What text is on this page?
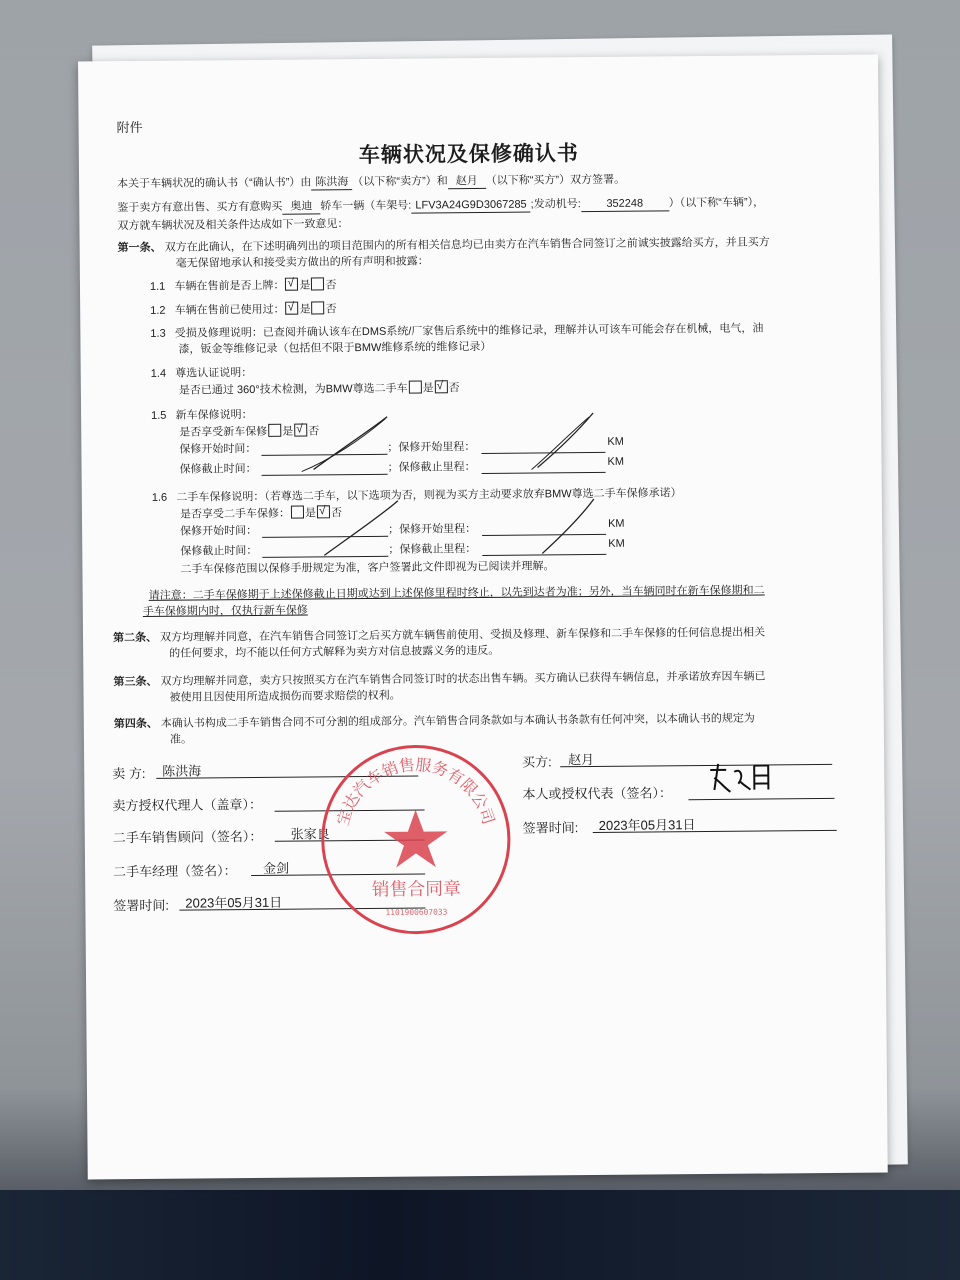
附件
车辆状况及保修确认书
本关于车辆状况的确认书（“确认书”）由 陈洪海 （以下称“卖方”）和 赵月 （以下称“买方”）双方签署。
鉴于卖方有意出售、买方有意购买 奥迪 轿车一辆（车架号: LFV3A24G9D3067285 ;发动机号: 352248 ）（以下称“车辆”），
双方就车辆状况及相关条件达成如下一致意见：
第一条、 双方在此确认，在下述明确列出的项目范围内的所有相关信息均已由卖方在汽车销售合同签订之前诚实披露给买方，并且买方
毫无保留地承认和接受卖方做出的所有声明和披露：
1.1 车辆在售前是否上牌： √ 是 否
1.2 车辆在售前已使用过： √ 是 否
1.3 受损及修理说明：已查阅并确认该车在DMS系统/厂家售后系统中的维修记录，理解并认可该车可能会存在机械，电气，油
漆，钣金等维修记录（包括但不限于BMW维修系统的维修记录）
1.4 尊选认证说明：
是否已通过 360°技术检测，为BMW尊选二手车 是 √ 否
1.5 新车保修说明：
是否享受新车保修 是 √ 否
保修开始时间：	；保修开始里程：	KM
保修截止时间：	；保修截止里程：	KM
1.6 二手车保修说明：（若尊选二手车，以下选项为否，则视为买方主动要求放弃BMW尊选二手车保修承诺）
是否享受二手车保修： 是 √ 否
保修开始时间：	；保修开始里程：	KM
保修截止时间：	；保修截止里程：	KM
二手车保修范围以保修手册规定为准，客户签署此文件即视为已阅读并理解。
请注意：二手车保修期于上述保修截止日期或达到上述保修里程时终止，以先到达者为准；另外，当车辆同时在新车保修期和二
手车保修期内时，仅执行新车保修
第二条、 双方均理解并同意，在汽车销售合同签订之后买方就车辆售前使用、受损及修理、新车保修和二手车保修的任何信息提出相关
的任何要求，均不能以任何方式解释为卖方对信息披露义务的违反。
第三条、 双方均理解并同意，卖方只按照买方在汽车销售合同签订时的状态出售车辆。买方确认已获得车辆信息，并承诺放弃因车辆已
被使用且因使用所造成损伤而要求赔偿的权利。
第四条、 本确认书构成二手车销售合同不可分割的组成部分。汽车销售合同条款如与本确认书条款有任何冲突，以本确认书的规定为
准。
卖 方: 陈洪海
卖方授权代理人（盖章）：
二手车销售顾问（签名）： 张家良
二手车经理（签名）： 金剑
签署时间: 2023年05月31日
买方: 赵月
本人或授权代表（签名）：
签署时间: 2023年05月31日
宝达汽车销售服务有限公司
销售合同章
1101900607033
